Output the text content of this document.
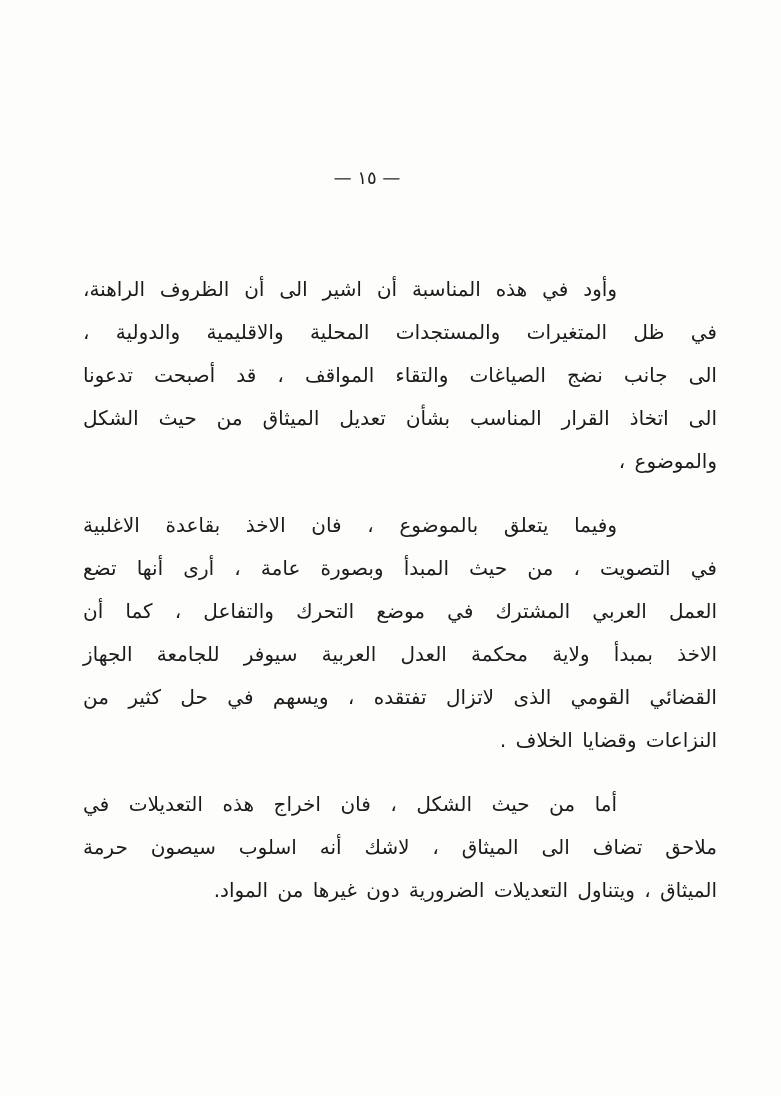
— ١٥ —
وأود في هذه المناسبة أن اشير الى أن الظروف الراهنة،
في ظل المتغيرات والمستجدات المحلية والاقليمية والدولية ،
الى جانب نضج الصياغات والتقاء المواقف ، قد أصبحت تدعونا
الى اتخاذ القرار المناسب بشأن تعديل الميثاق من حيث الشكل
والموضوع ،
وفيما يتعلق بالموضوع ، فان الاخذ بقاعدة الاغلبية
في التصويت ، من حيث المبدأ وبصورة عامة ، أرى أنها تضع
العمل العربي المشترك في موضع التحرك والتفاعل ، كما أن
الاخذ بمبدأ ولاية محكمة العدل العربية سيوفر للجامعة الجهاز
القضائي القومي الذى لاتزال تفتقده ، ويسهم في حل كثير من
النزاعات وقضايا الخلاف .
أما من حيث الشكل ، فان اخراج هذه التعديلات في
ملاحق تضاف الى الميثاق ، لاشك أنه اسلوب سيصون حرمة
الميثاق ، ويتناول التعديلات الضرورية دون غيرها من المواد.
